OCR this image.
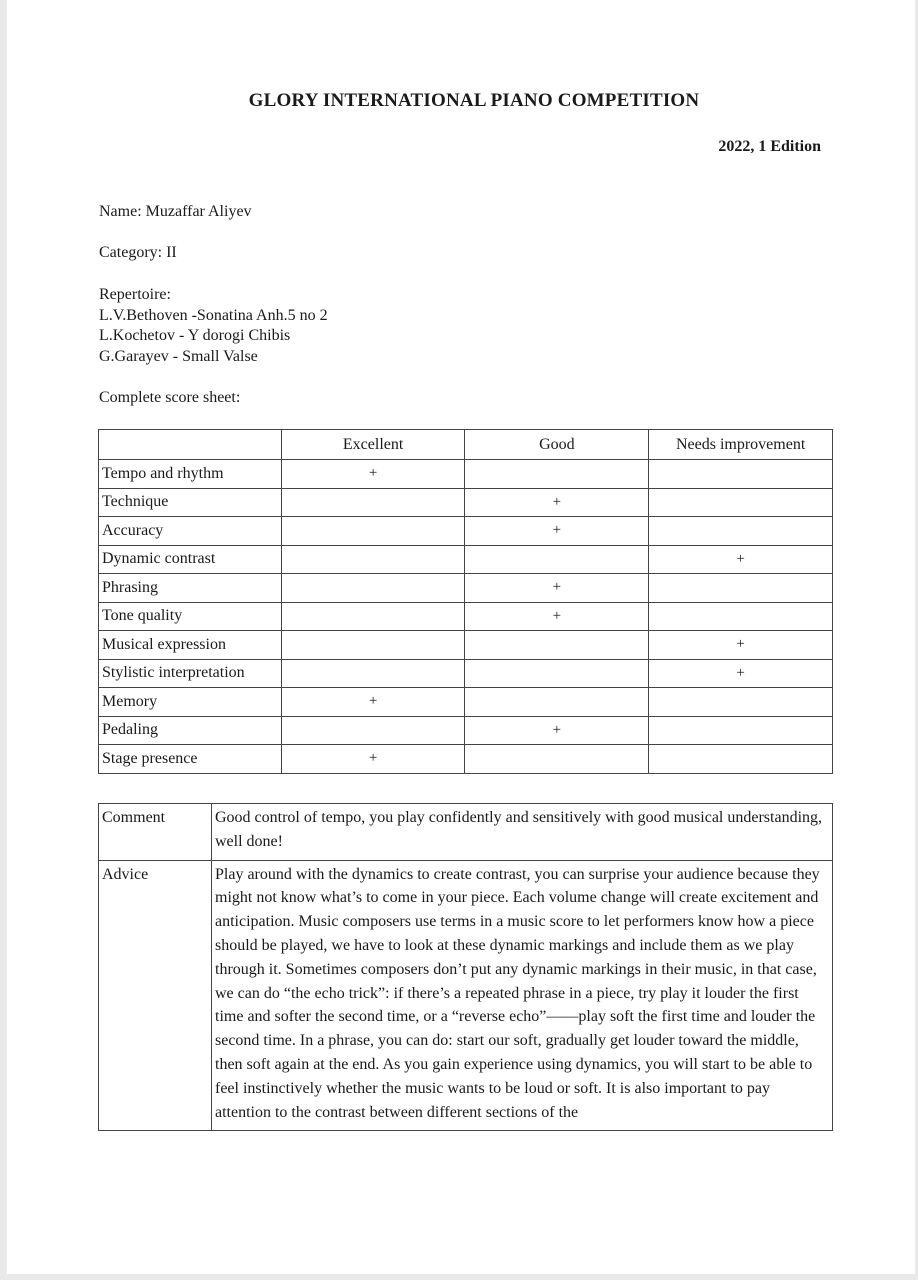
GLORY INTERNATIONAL PIANO COMPETITION
2022, 1 Edition
Name: Muzaffar Aliyev
Category: II
Repertoire:
L.V.Bethoven -Sonatina Anh.5 no 2
L.Kochetov - Y dorogi Chibis
G.Garayev - Small Valse
Complete score sheet:
	Excellent	Good	Needs improvement
Tempo and rhythm	+		
Technique		+	
Accuracy		+	
Dynamic contrast			+
Phrasing		+	
Tone quality		+	
Musical expression			+
Stylistic interpretation			+
Memory	+		
Pedaling		+	
Stage presence	+		
Comment	Good control of tempo, you play confidently and sensitively with good musical understanding, well done!
Advice	Play around with the dynamics to create contrast, you can surprise your audience because they might not know what’s to come in your piece. Each volume change will create excitement and anticipation. Music composers use terms in a music score to let performers know how a piece should be played, we have to look at these dynamic markings and include them as we play through it. Sometimes composers don’t put any dynamic markings in their music, in that case, we can do “the echo trick”: if there’s a repeated phrase in a piece, try play it louder the first time and softer the second time, or a “reverse echo”——play soft the first time and louder the second time. In a phrase, you can do: start our soft, gradually get louder toward the middle, then soft again at the end. As you gain experience using dynamics, you will start to be able to feel instinctively whether the music wants to be loud or soft. It is also important to pay attention to the contrast between different sections of the
